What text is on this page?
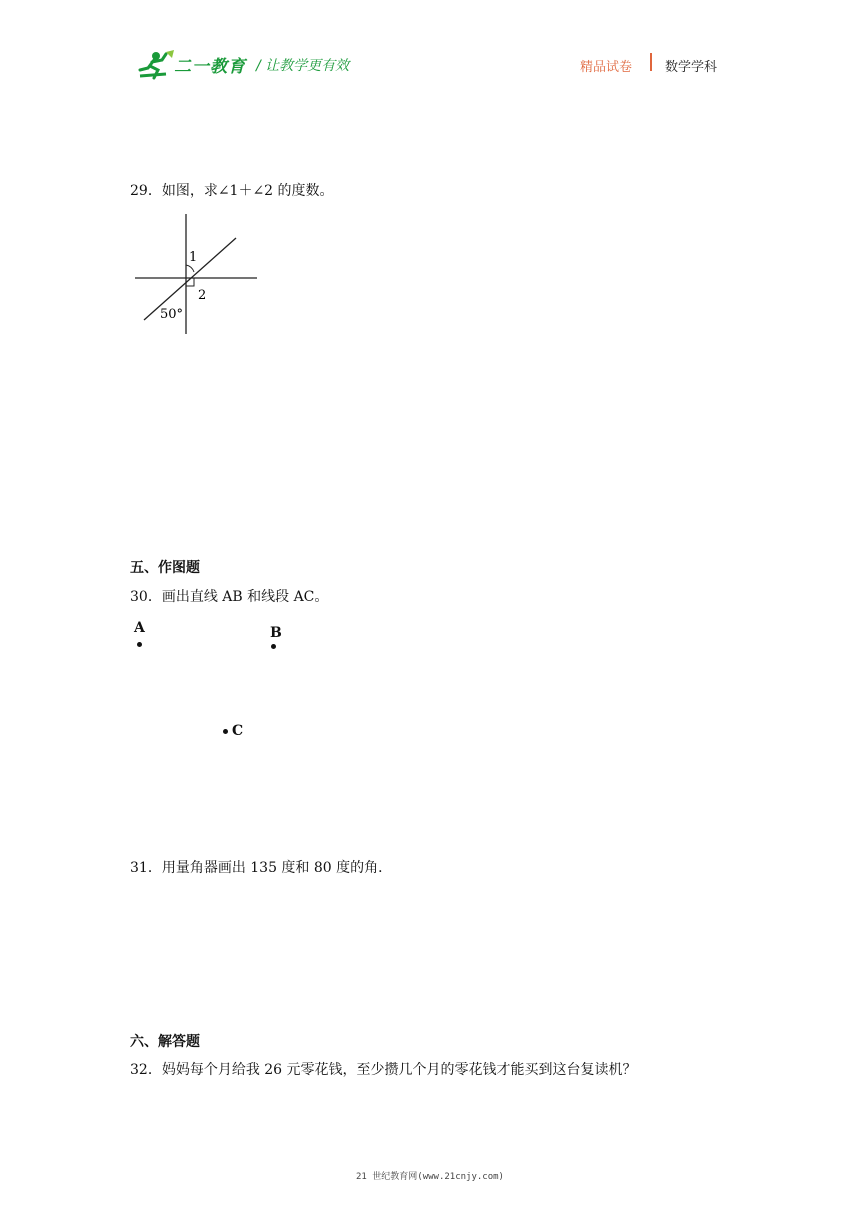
二一教育 / 让教学更有效	精品试卷	数学学科
29．如图，求∠1＋∠2 的度数。
1
2
50°
五、作图题
30．画出直线 AB 和线段 AC。
A	B
C
31．用量角器画出 135 度和 80 度的角．
六、解答题
32．妈妈每个月给我 26 元零花钱，至少攒几个月的零花钱才能买到这台复读机？
21 世纪教育网(www.21cnjy.com)
